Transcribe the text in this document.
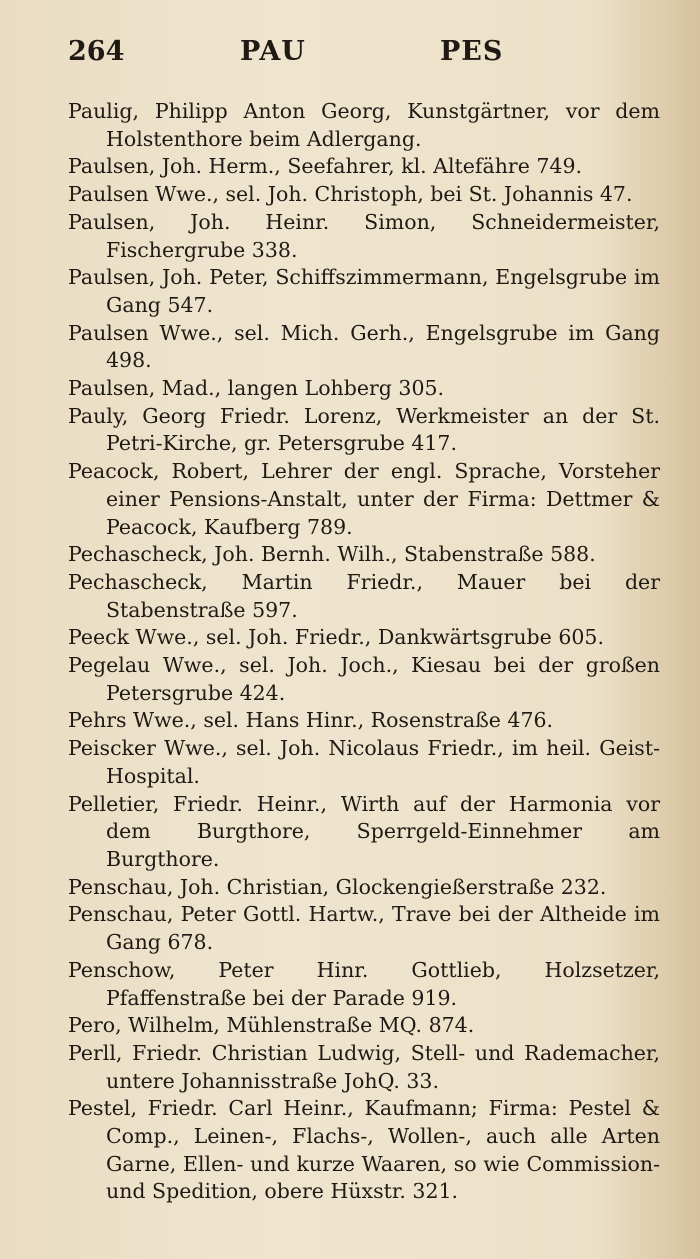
264	PAU	PES

Paulig, Philipp Anton Georg, Kunstgärtner, vor dem Holstenthore beim Adlergang.

Paulsen, Joh. Herm., Seefahrer, kl. Altefähre 749.

Paulsen Wwe., sel. Joh. Christoph, bei St. Johannis 47.

Paulsen, Joh. Heinr. Simon, Schneidermeister, Fischergrube 338.

Paulsen, Joh. Peter, Schiffszimmermann, Engelsgrube im Gang 547.

Paulsen Wwe., sel. Mich. Gerh., Engelsgrube im Gang 498.

Paulsen, Mad., langen Lohberg 305.

Pauly, Georg Friedr. Lorenz, Werkmeister an der St. Petri-Kirche, gr. Petersgrube 417.

Peacock, Robert, Lehrer der engl. Sprache, Vorsteher einer Pensions-Anstalt, unter der Firma: Dettmer & Peacock, Kaufberg 789.

Pechascheck, Joh. Bernh. Wilh., Stabenstraße 588.

Pechascheck, Martin Friedr., Mauer bei der Stabenstraße 597.

Peeck Wwe., sel. Joh. Friedr., Dankwärtsgrube 605.

Pegelau Wwe., sel. Joh. Joch., Kiesau bei der großen Petersgrube 424.

Pehrs Wwe., sel. Hans Hinr., Rosenstraße 476.

Peiscker Wwe., sel. Joh. Nicolaus Friedr., im heil. Geist-Hospital.

Pelletier, Friedr. Heinr., Wirth auf der Harmonia vor dem Burgthore, Sperrgeld-Einnehmer am Burgthore.

Penschau, Joh. Christian, Glockengießerstraße 232.

Penschau, Peter Gottl. Hartw., Trave bei der Altheide im Gang 678.

Penschow, Peter Hinr. Gottlieb, Holzsetzer, Pfaffenstraße bei der Parade 919.

Pero, Wilhelm, Mühlenstraße MQ. 874.

Perll, Friedr. Christian Ludwig, Stell- und Rademacher, untere Johannisstraße JohQ. 33.

Pestel, Friedr. Carl Heinr., Kaufmann; Firma: Pestel & Comp., Leinen-, Flachs-, Wollen-, auch alle Arten Garne, Ellen- und kurze Waaren, so wie Commission- und Spedition, obere Hüxstr. 321.
